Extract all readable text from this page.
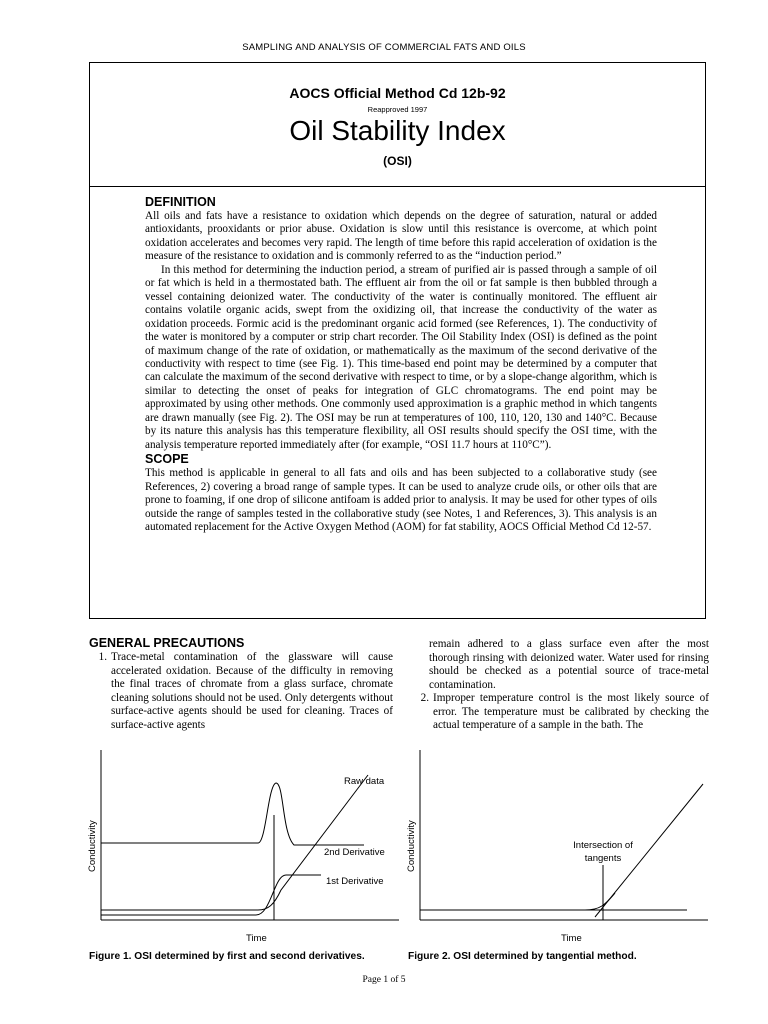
SAMPLING AND ANALYSIS OF COMMERCIAL FATS AND OILS
AOCS Official Method Cd 12b-92
Reapproved 1997
Oil Stability Index
(OSI)
DEFINITION

All oils and fats have a resistance to oxidation which depends on the degree of saturation, natural or added antioxidants, prooxidants or prior abuse. Oxidation is slow until this resistance is overcome, at which point oxidation accelerates and becomes very rapid. The length of time before this rapid acceleration of oxidation is the measure of the resistance to oxidation and is commonly referred to as the “induction period.”

In this method for determining the induction period, a stream of purified air is passed through a sample of oil or fat which is held in a thermostated bath. The effluent air from the oil or fat sample is then bubbled through a vessel containing deionized water. The conductivity of the water is continually monitored. The effluent air contains volatile organic acids, swept from the oxidizing oil, that increase the conductivity of the water as oxidation proceeds. Formic acid is the predominant organic acid formed (see References, 1). The conductivity of the water is monitored by a computer or strip chart recorder. The Oil Stability Index (OSI) is defined as the point of maximum change of the rate of oxidation, or mathematically as the maximum of the second derivative of the conductivity with respect to time (see Fig. 1). This time-based end point may be determined by a computer that can calculate the maximum of the second derivative with respect to time, or by a slope-change algorithm, which is similar to detecting the onset of peaks for integration of GLC chromatograms. The end point may be approximated by using other methods. One commonly used approximation is a graphic method in which tangents are drawn manually (see Fig. 2). The OSI may be run at temperatures of 100, 110, 120, 130 and 140°C. Because by its nature this analysis has this temperature flexibility, all OSI results should specify the OSI time, with the analysis temperature reported immediately after (for example, “OSI 11.7 hours at 110°C”).

SCOPE

This method is applicable in general to all fats and oils and has been subjected to a collaborative study (see References, 2) covering a broad range of sample types. It can be used to analyze crude oils, or other oils that are prone to foaming, if one drop of silicone antifoam is added prior to analysis. It may be used for other types of oils outside the range of samples tested in the collaborative study (see Notes, 1 and References, 3). This analysis is an automated replacement for the Active Oxygen Method (AOM) for fat stability, AOCS Official Method Cd 12-57.

GENERAL PRECAUTIONS
1. Trace-metal contamination of the glassware will cause accelerated oxidation. Because of the difficulty in removing the final traces of chromate from a glass surface, chromate cleaning solutions should not be used. Only detergents without surface-active agents should be used for cleaning. Traces of surface-active agents
remain adhered to a glass surface even after the most thorough rinsing with deionized water. Water used for rinsing should be checked as a potential source of trace-metal contamination.
2. Improper temperature control is the most likely source of error. The temperature must be calibrated by checking the actual temperature of a sample in the bath. The
Conductivity
Time
Raw data
2nd Derivative
1st Derivative
Figure 1. OSI determined by first and second derivatives.
Conductivity
Time
Intersection of
tangents
Figure 2. OSI determined by tangential method.
Page 1 of 5
